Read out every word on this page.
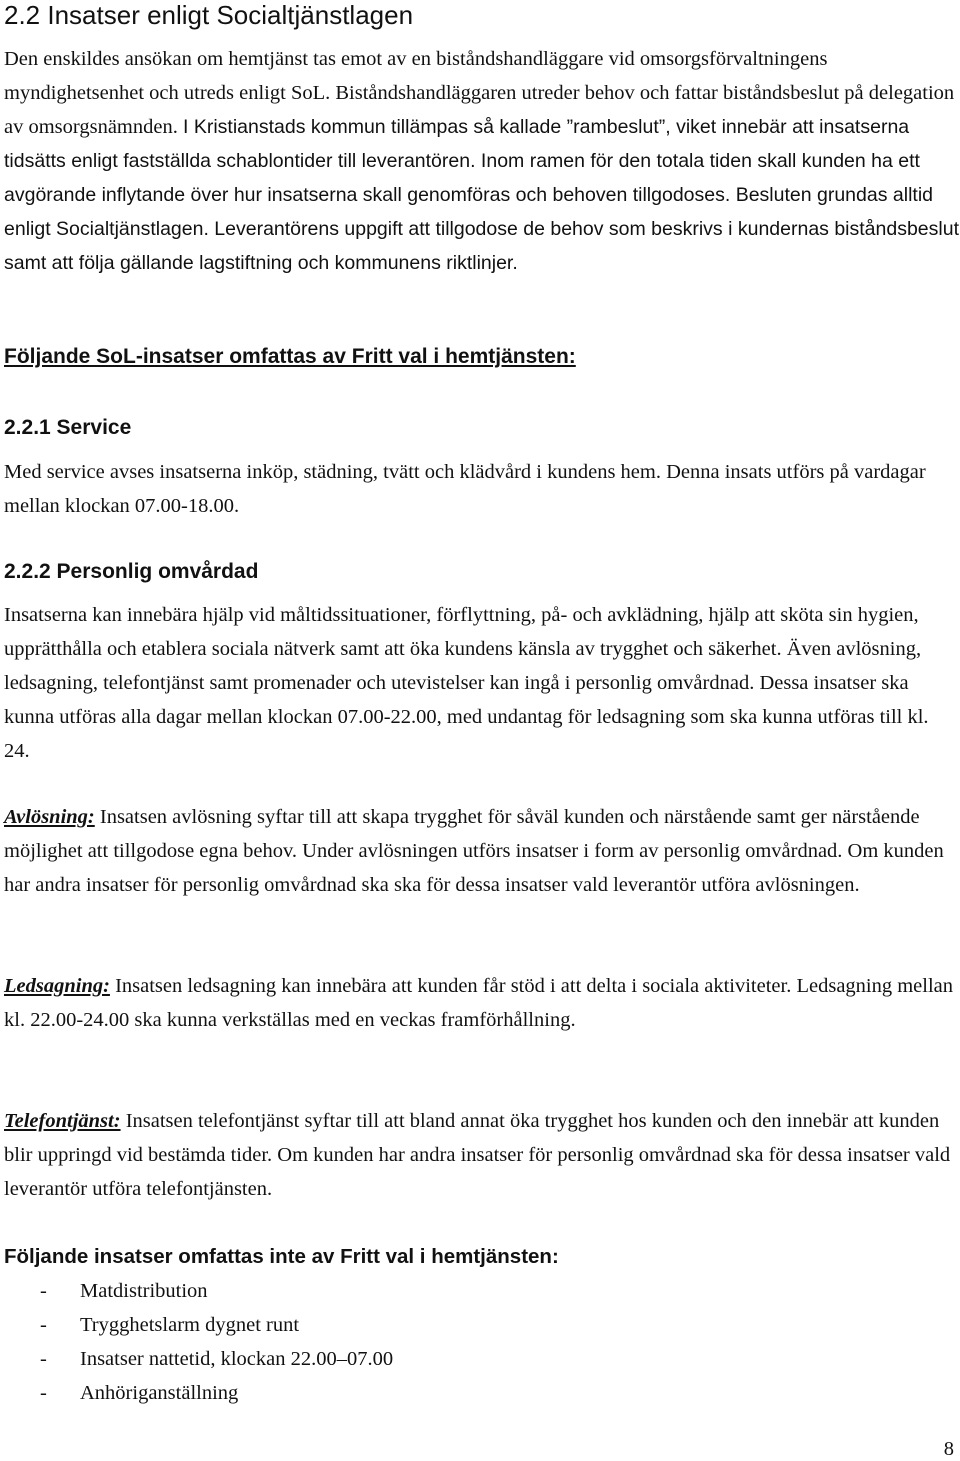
2.2 Insatser enligt Socialtjänstlagen

Den enskildes ansökan om hemtjänst tas emot av en biståndshandläggare vid omsorgsförvaltningens myndighetsenhet och utreds enligt SoL. Biståndshandläggaren utreder behov och fattar biståndsbeslut på delegation av omsorgsnämnden. I Kristianstads kommun tillämpas så kallade ”rambeslut”, viket innebär att insatserna tidsätts enligt fastställda schablontider till leverantören. Inom ramen för den totala tiden skall kunden ha ett avgörande inflytande över hur insatserna skall genomföras och behoven tillgodoses. Besluten grundas alltid enligt Socialtjänstlagen. Leverantörens uppgift att tillgodose de behov som beskrivs i kundernas biståndsbeslut samt att följa gällande lagstiftning och kommunens riktlinjer.

Följande SoL-insatser omfattas av Fritt val i hemtjänsten:

2.2.1 Service

Med service avses insatserna inköp, städning, tvätt och klädvård i kundens hem. Denna insats utförs på vardagar mellan klockan 07.00-18.00.

2.2.2 Personlig omvårdad

Insatserna kan innebära hjälp vid måltidssituationer, förflyttning, på- och avklädning, hjälp att sköta sin hygien, upprätthålla och etablera sociala nätverk samt att öka kundens känsla av trygghet och säkerhet. Även avlösning, ledsagning, telefontjänst samt promenader och utevistelser kan ingå i personlig omvårdnad. Dessa insatser ska kunna utföras alla dagar mellan klockan 07.00-22.00, med undantag för ledsagning som ska kunna utföras till kl. 24.

Avlösning: Insatsen avlösning syftar till att skapa trygghet för såväl kunden och närstående samt ger närstående möjlighet att tillgodose egna behov. Under avlösningen utförs insatser i form av personlig omvårdnad. Om kunden har andra insatser för personlig omvårdnad ska ska för dessa insatser vald leverantör utföra avlösningen.

Ledsagning: Insatsen ledsagning kan innebära att kunden får stöd i att delta i sociala aktiviteter. Ledsagning mellan kl. 22.00-24.00 ska kunna verkställas med en veckas framförhållning.

Telefontjänst: Insatsen telefontjänst syftar till att bland annat öka trygghet hos kunden och den innebär att kunden blir uppringd vid bestämda tider. Om kunden har andra insatser för personlig omvårdnad ska för dessa insatser vald leverantör utföra telefontjänsten.

Följande insatser omfattas inte av Fritt val i hemtjänsten:

-	Matdistribution
-	Trygghetslarm dygnet runt
-	Insatser nattetid, klockan 22.00–07.00
-	Anhöriganställning
8
